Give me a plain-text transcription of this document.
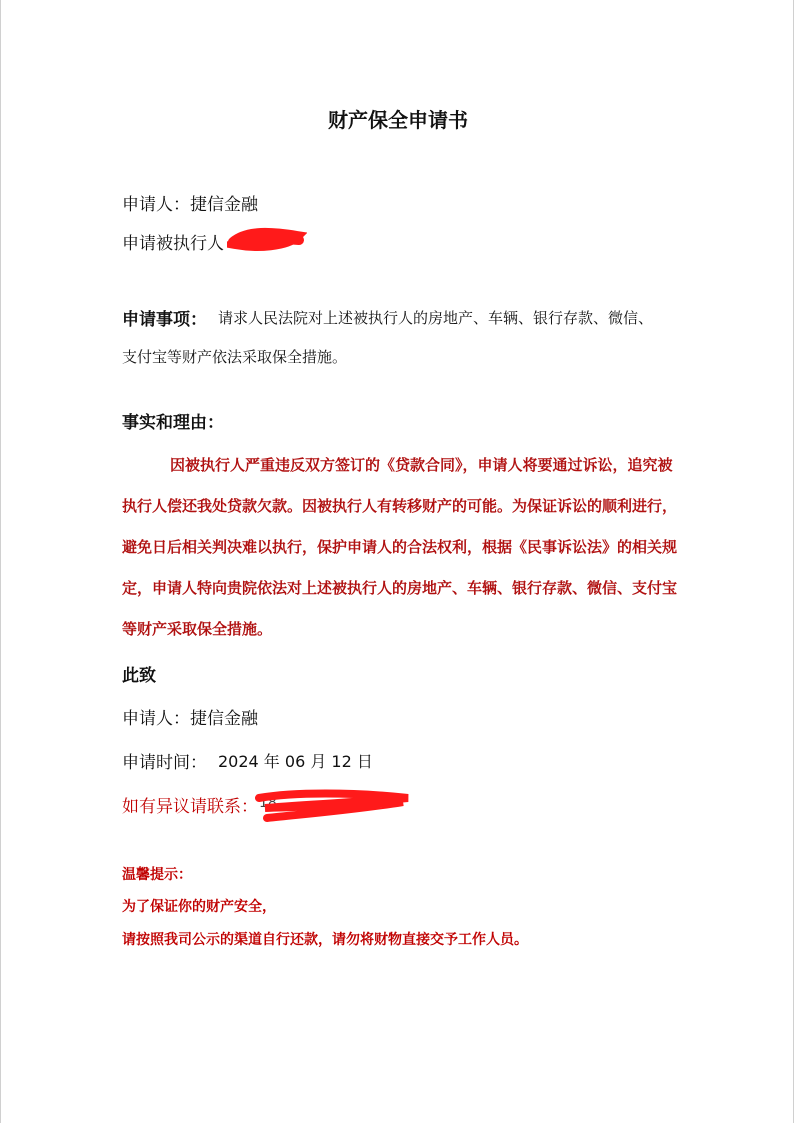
财产保全申请书
申请人：捷信金融
申请被执行人
申请事项： 请求人民法院对上述被执行人的房地产、车辆、银行存款、微信、
支付宝等财产依法采取保全措施。
事实和理由：
因被执行人严重违反双方签订的《贷款合同》，申请人将要通过诉讼，追究被执行人偿还我处贷款欠款。因被执行人有转移财产的可能。为保证诉讼的顺利进行，避免日后相关判决难以执行，保护申请人的合法权利，根据《民事诉讼法》的相关规定，申请人特向贵院依法对上述被执行人的房地产、车辆、银行存款、微信、支付宝等财产采取保全措施。
此致
申请人：捷信金融
申请时间： 2024 年 06 月 12 日
如有异议请联系： 18
温馨提示：
为了保证你的财产安全，
请按照我司公示的渠道自行还款，请勿将财物直接交予工作人员。
